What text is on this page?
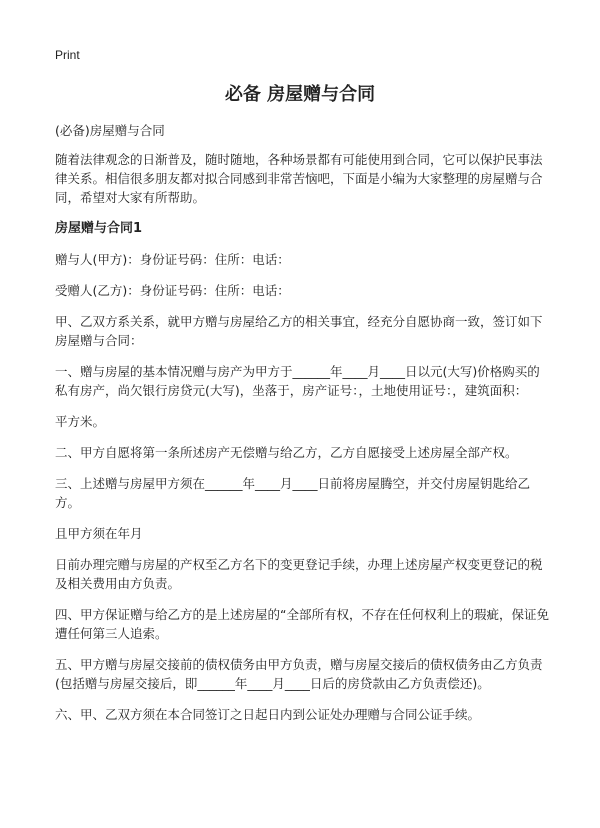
Print
必备 房屋赠与合同

(必备)房屋赠与合同

随着法律观念的日渐普及，随时随地，各种场景都有可能使用到合同，它可以保护民事法律关系。相信很多朋友都对拟合同感到非常苦恼吧，下面是小编为大家整理的房屋赠与合同，希望对大家有所帮助。

房屋赠与合同1

赠与人(甲方)：身份证号码：住所：电话：

受赠人(乙方)：身份证号码：住所：电话：

甲、乙双方系关系，就甲方赠与房屋给乙方的相关事宜，经充分自愿协商一致，签订如下房屋赠与合同：

一、赠与房屋的基本情况赠与房产为甲方于______年____月____日以元(大写)价格购买的私有房产，尚欠银行房贷元(大写)，坐落于，房产证号：，土地使用证号：，建筑面积：

平方米。

二、甲方自愿将第一条所述房产无偿赠与给乙方，乙方自愿接受上述房屋全部产权。

三、上述赠与房屋甲方须在______年____月____日前将房屋腾空，并交付房屋钥匙给乙方。

且甲方须在年月

日前办理完赠与房屋的产权至乙方名下的变更登记手续，办理上述房屋产权变更登记的税及相关费用由方负责。

四、甲方保证赠与给乙方的是上述房屋的“全部所有权，不存在任何权利上的瑕疵，保证免遭任何第三人追索。

五、甲方赠与房屋交接前的债权债务由甲方负责，赠与房屋交接后的债权债务由乙方负责(包括赠与房屋交接后，即______年____月____日后的房贷款由乙方负责偿还)。

六、甲、乙双方须在本合同签订之日起日内到公证处办理赠与合同公证手续。
